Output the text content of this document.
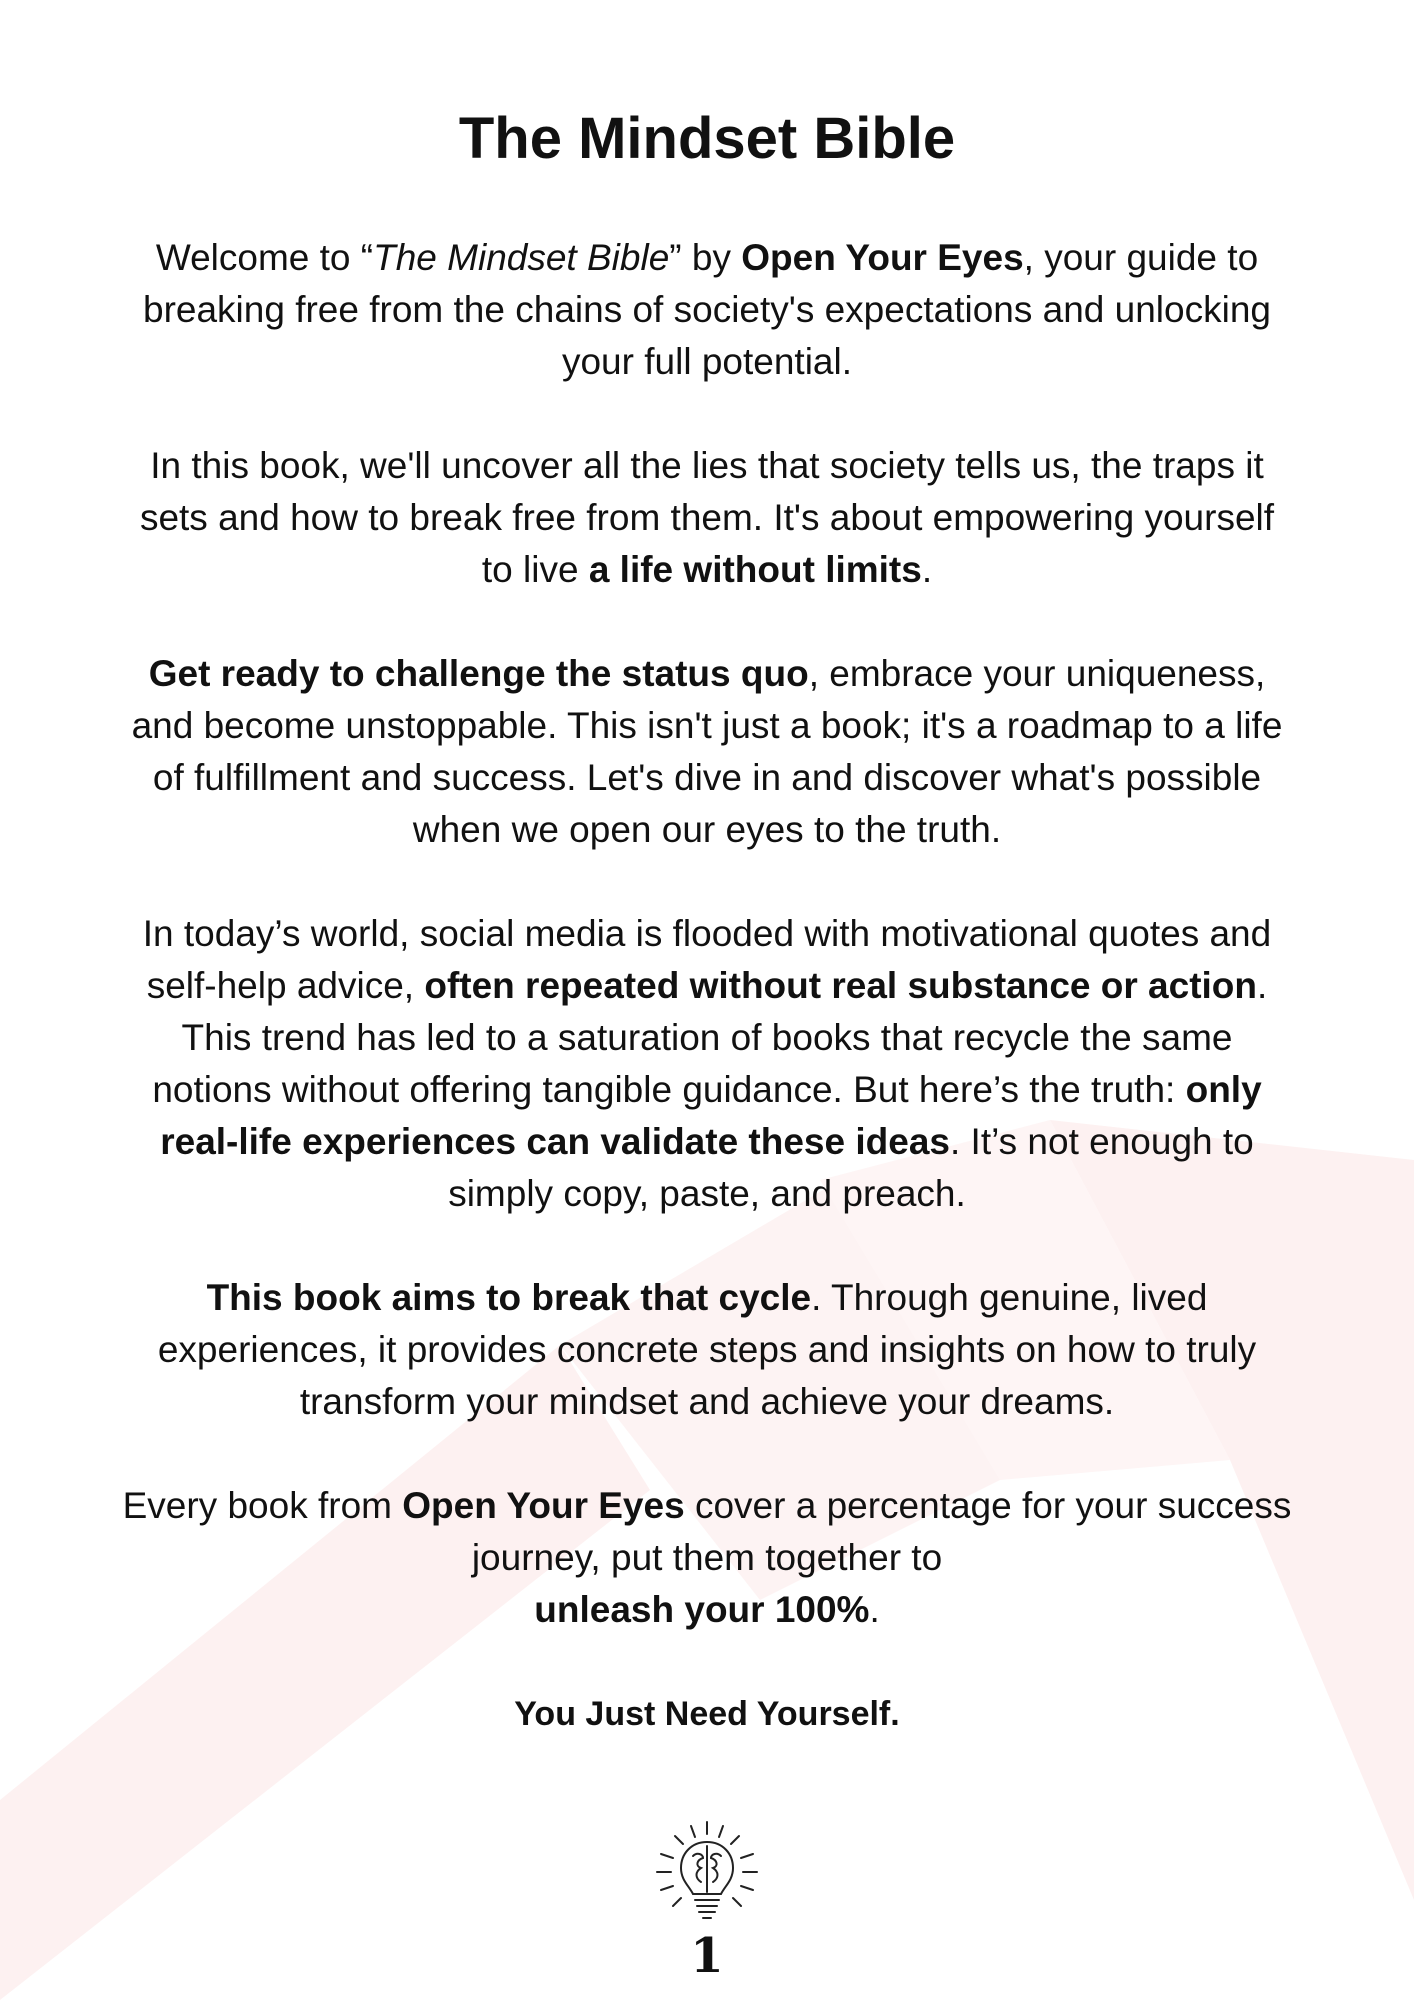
The Mindset Bible

Welcome to “The Mindset Bible” by Open Your Eyes, your guide to breaking free from the chains of society's expectations and unlocking your full potential.

In this book, we'll uncover all the lies that society tells us, the traps it sets and how to break free from them. It's about empowering yourself to live a life without limits.

Get ready to challenge the status quo, embrace your uniqueness, and become unstoppable. This isn't just a book; it's a roadmap to a life of fulfillment and success. Let's dive in and discover what's possible when we open our eyes to the truth.

In today’s world, social media is flooded with motivational quotes and self-help advice, often repeated without real substance or action. This trend has led to a saturation of books that recycle the same notions without offering tangible guidance. But here’s the truth: only real-life experiences can validate these ideas. It’s not enough to simply copy, paste, and preach.

This book aims to break that cycle. Through genuine, lived experiences, it provides concrete steps and insights on how to truly transform your mindset and achieve your dreams.

Every book from Open Your Eyes cover a percentage for your success journey, put them together to
unleash your 100%.

You Just Need Yourself.

1
